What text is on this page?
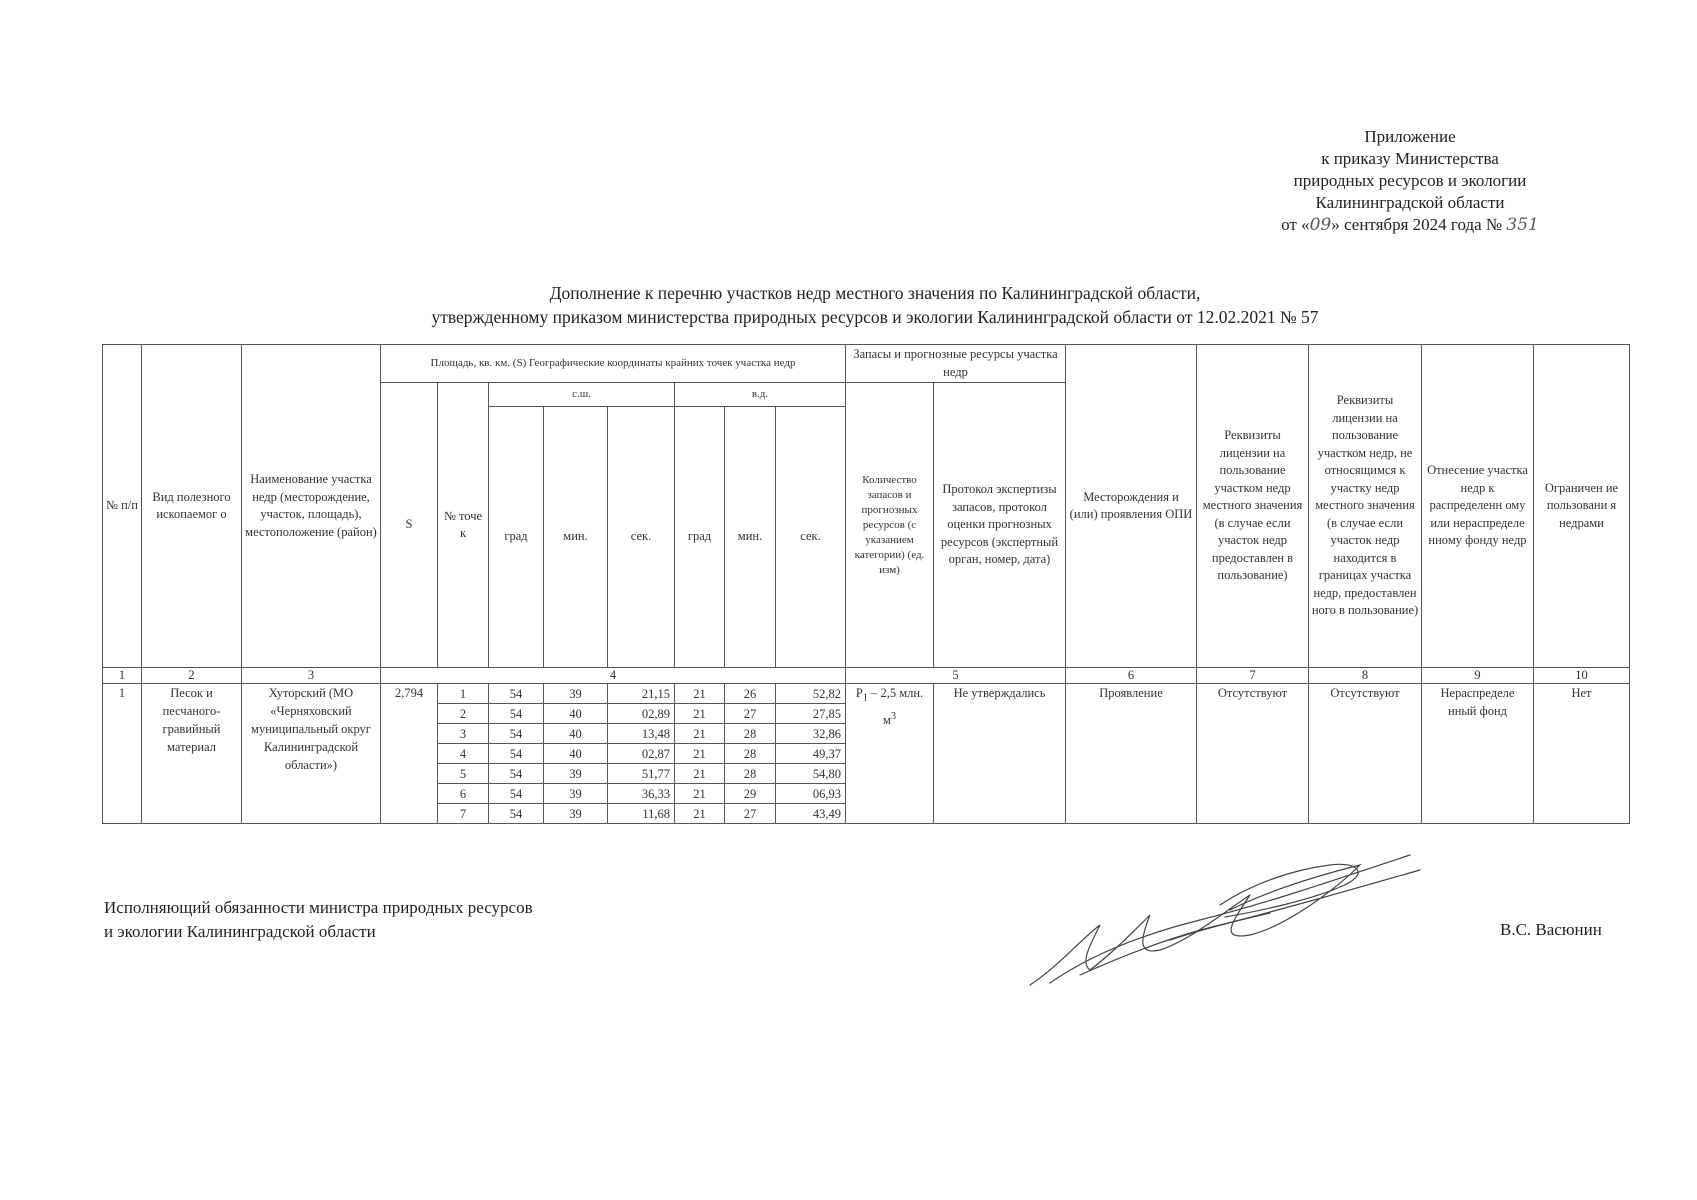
Приложение
к приказу Министерства
природных ресурсов и экологии
Калининградской области
от «09» сентября 2024 года № 351
Дополнение к перечню участков недр местного значения по Калининградской области,
утвержденному приказом министерства природных ресурсов и экологии Калининградской области от 12.02.2021 № 57
№ п/п	Вид полезного ископаемог о	Наименование участка недр (месторождение, участок, площадь), местоположение (район)	Площадь, кв. км. (S) Географические координаты крайних точек участка недр								Запасы и прогнозные ресурсы участка недр		Месторождения и (или) проявления ОПИ	Реквизиты лицензии на пользование участком недр местного значения (в случае если участок недр предоставлен в пользование)	Реквизиты лицензии на пользование участком недр, не относящимся к участку недр местного значения (в случае если участок недр находится в границах участка недр, предоставлен ного в пользование)	Отнесение участка недр к распределенн ому или нераспределе нному фонду недр	Ограничен ие пользовани я недрами
			S	№ точе к	с.ш.			в.д.			Количество запасов и прогнозных ресурсов (с указанием категории) (ед. изм)	Протокол экспертизы запасов, протокол оценки прогнозных ресурсов (экспертный орган, номер, дата)					
					град	мин.	сек.	град	мин.	сек.							
1	2	3	4								5		6	7	8	9	10
1	Песок и песчаного-гравийный материал	Хуторский (МО «Черняховский муниципальный округ Калининградской области»)	2,794	1	54	39	21,15	21	26	52,82	$P_1 - 2,5$ млн. $м^3$	Не утверждались	Проявление	Отсутствуют	Отсутствуют	Нераспределе нный фонд	Нет
				2	54	40	02,89	21	27	27,85							
				3	54	40	13,48	21	28	32,86							
				4	54	40	02,87	21	28	49,37							
				5	54	39	51,77	21	28	54,80							
				6	54	39	36,33	21	29	06,93							
				7	54	39	11,68	21	27	43,49							
Исполняющий обязанности министра природных ресурсов
и экологии Калининградской области	В.С. Васюнин
